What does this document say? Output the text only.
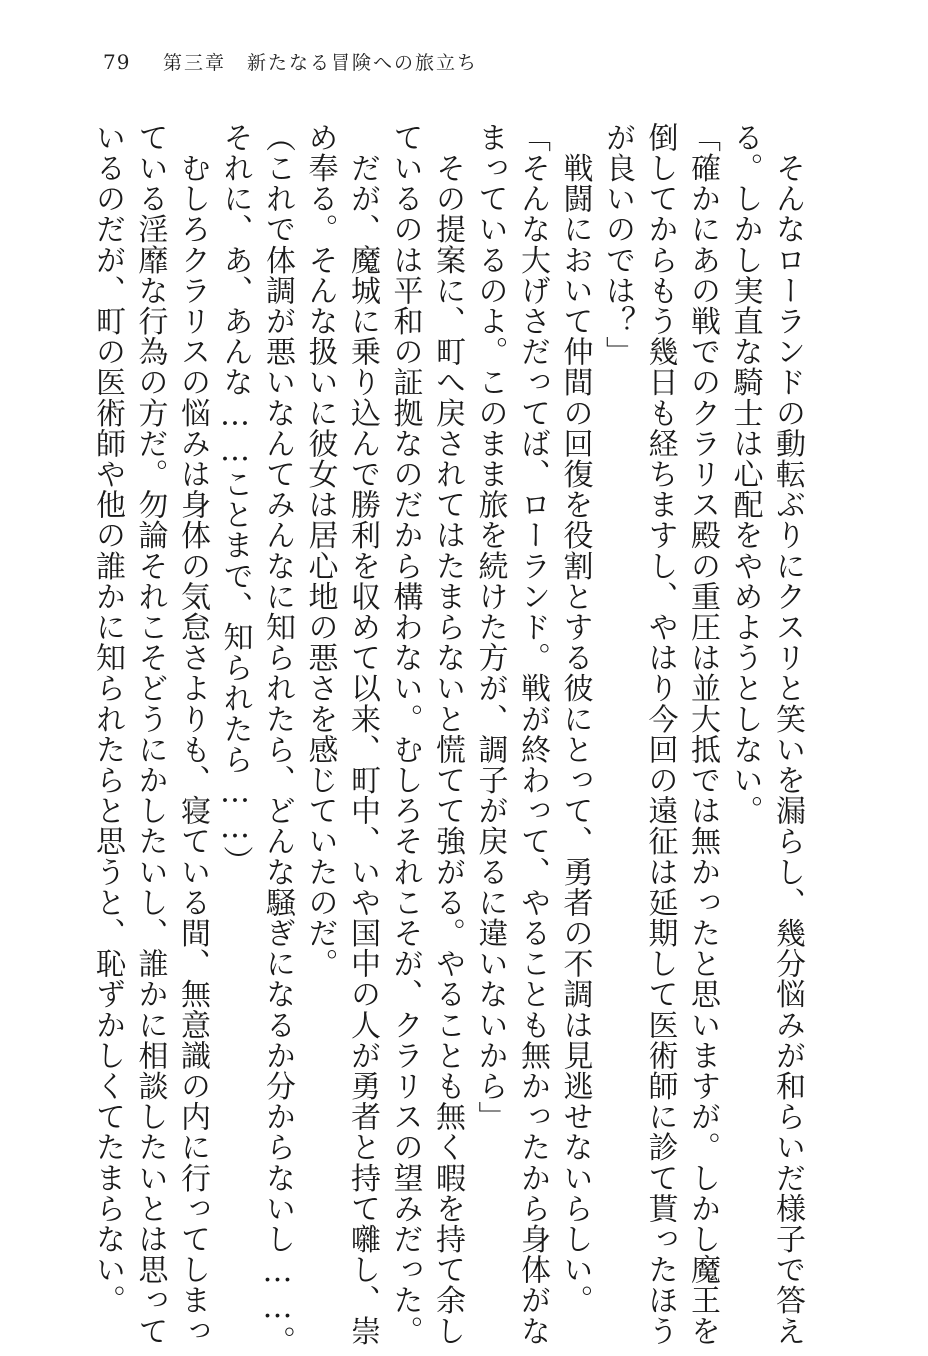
79	第三章　新たなる冒険への旅立ち
　そんなローランドの動転ぶりにクスリと笑いを漏らし、幾分悩みが和らいだ様子で答え
る。しかし実直な騎士は心配をやめようとしない。
「確かにあの戦でのクラリス殿の重圧は並大抵では無かったと思いますが。しかし魔王を
倒してからもう幾日も経ちますし、やはり今回の遠征は延期して医術師に診て貰ったほう
が良いのでは？」
　戦闘において仲間の回復を役割とする彼にとって、勇者の不調は見逃せないらしい。
「そんな大げさだってば、ローランド。戦が終わって、やることも無かったから身体がな
まっているのよ。このまま旅を続けた方が、調子が戻るに違いないから」
　その提案に、町へ戻されてはたまらないと慌てて強がる。やることも無く暇を持て余し
ているのは平和の証拠なのだから構わない。むしろそれこそが、クラリスの望みだった。
　だが、魔城に乗り込んで勝利を収めて以来、町中、いや国中の人が勇者と持て囃し、崇
め奉る。そんな扱いに彼女は居心地の悪さを感じていたのだ。
（これで体調が悪いなんてみんなに知られたら、どんな騒ぎになるか分からないし……。
それに、あ、あんな……ことまで、知られたら……）
　むしろクラリスの悩みは身体の気怠さよりも、寝ている間、無意識の内に行ってしまっ
ている淫靡な行為の方だ。勿論それこそどうにかしたいし、誰かに相談したいとは思って
いるのだが、町の医術師や他の誰かに知られたらと思うと、恥ずかしくてたまらない。
